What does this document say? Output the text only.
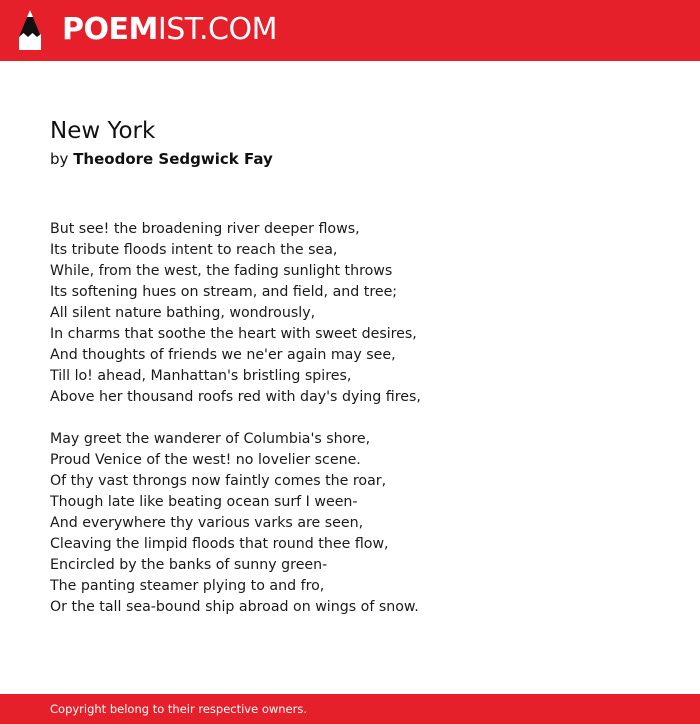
POEMIST.COM
New York
by Theodore Sedgwick Fay
But see! the broadening river deeper flows,
Its tribute floods intent to reach the sea,
While, from the west, the fading sunlight throws
Its softening hues on stream, and field, and tree;
All silent nature bathing, wondrously,
In charms that soothe the heart with sweet desires,
And thoughts of friends we ne'er again may see,
Till lo! ahead, Manhattan's bristling spires,
Above her thousand roofs red with day's dying fires,
May greet the wanderer of Columbia's shore,
Proud Venice of the west! no lovelier scene.
Of thy vast throngs now faintly comes the roar,
Though late like beating ocean surf I ween-
And everywhere thy various varks are seen,
Cleaving the limpid floods that round thee flow,
Encircled by the banks of sunny green-
The panting steamer plying to and fro,
Or the tall sea-bound ship abroad on wings of snow.
Copyright belong to their respective owners.
